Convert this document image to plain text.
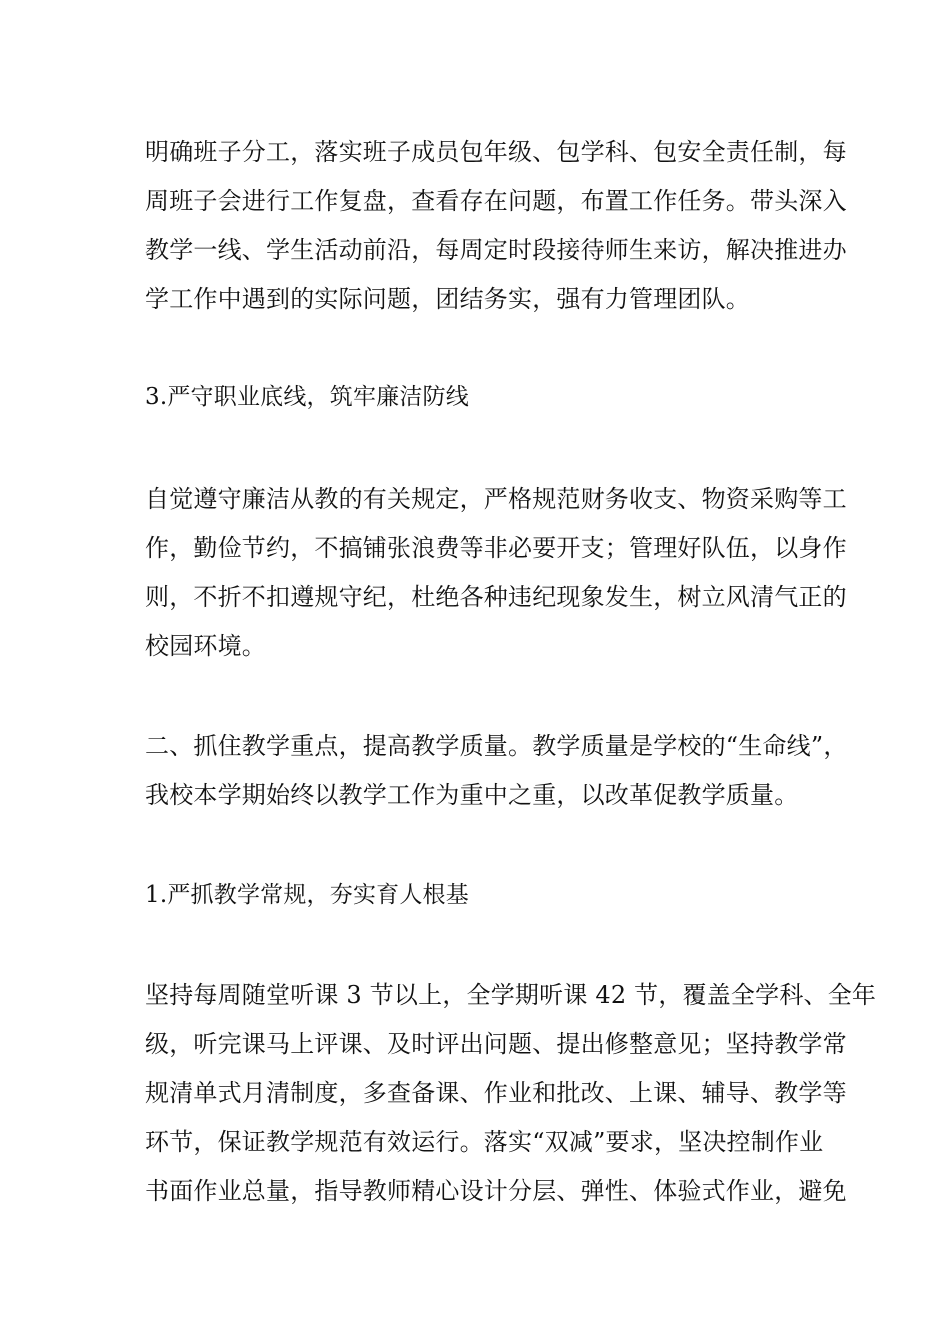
明确班子分工，落实班子成员包年级、包学科、包安全责任制，每
周班子会进行工作复盘，查看存在问题，布置工作任务。带头深入
教学一线、学生活动前沿，每周定时段接待师生来访，解决推进办
学工作中遇到的实际问题，团结务实，强有力管理团队。
3.严守职业底线，筑牢廉洁防线
自觉遵守廉洁从教的有关规定，严格规范财务收支、物资采购等工
作，勤俭节约，不搞铺张浪费等非必要开支；管理好队伍，以身作
则，不折不扣遵规守纪，杜绝各种违纪现象发生，树立风清气正的
校园环境。
二、抓住教学重点，提高教学质量。教学质量是学校的“生命线”，
我校本学期始终以教学工作为重中之重，以改革促教学质量。
1.严抓教学常规，夯实育人根基
坚持每周随堂听课 3 节以上，全学期听课 42 节，覆盖全学科、全年
级，听完课马上评课、及时评出问题、提出修整意见；坚持教学常
规清单式月清制度，多查备课、作业和批改、上课、辅导、教学等
环节，保证教学规范有效运行。落实“双减”要求，坚决控制作业
书面作业总量，指导教师精心设计分层、弹性、体验式作业，避免
